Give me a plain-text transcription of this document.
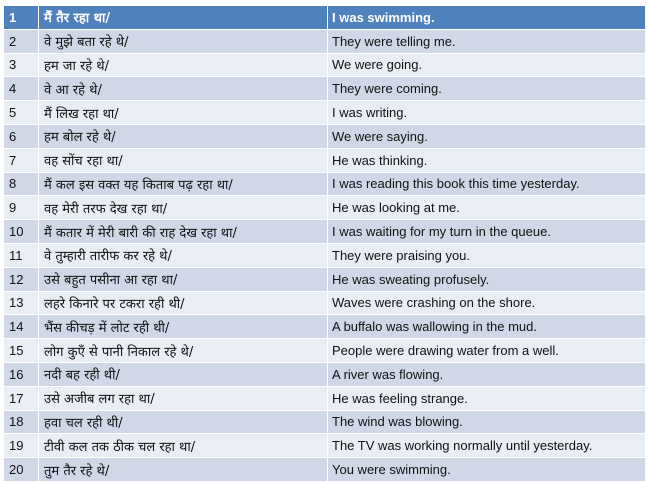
1	मैं तैर रहा था/	I was swimming.
2	वे मुझे बता रहे थे/	They were telling me.
3	हम जा रहे थे/	We were going.
4	वे आ रहे थे/	They were coming.
5	मैं लिख रहा था/	I was writing.
6	हम बोल रहे थे/	We were saying.
7	वह सोंच रहा था/	He was thinking.
8	मैं कल इस वक्त यह किताब पढ़ रहा था/	I was reading this book this time yesterday.
9	वह मेरी तरफ देख रहा था/	He was looking at me.
10	मैं कतार में मेरी बारी की राह देख रहा था/	I was waiting for my turn in the queue.
11	वे तुम्हारी तारीफ कर रहे थे/	They were praising you.
12	उसे बहुत पसीना आ रहा था/	He was sweating profusely.
13	लहरे किनारे पर टकरा रही थी/	Waves were crashing on the shore.
14	भैंस कीचड़ में लोट रही थी/	A buffalo was wallowing in the mud.
15	लोग कुएँ से पानी निकाल रहे थे/	People were drawing water from a well.
16	नदी बह रही थी/	A river was flowing.
17	उसे अजीब लग रहा था/	He was feeling strange.
18	हवा चल रही थी/	The wind was blowing.
19	टीवी कल तक ठीक चल रहा था/	The TV was working normally until yesterday.
20	तुम तैर रहे थे/	You were swimming.
